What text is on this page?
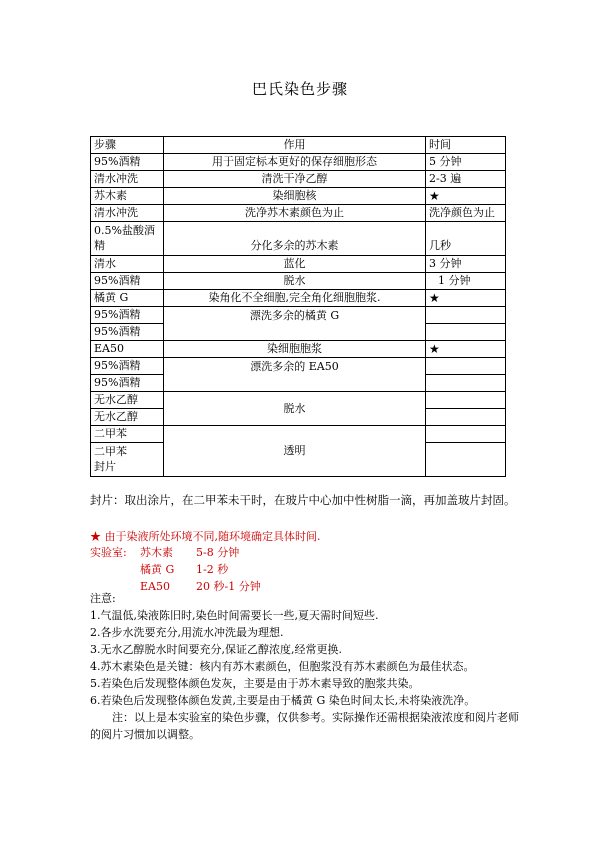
巴氏染色步骤
步骤	作用	时间
95%酒精	用于固定标本更好的保存细胞形态	5 分钟
清水冲洗	清洗干净乙醇	2-3 遍
苏木素	染细胞核	★
清水冲洗	洗净苏木素颜色为止	洗净颜色为止

0.5%盐酸酒
精	分化多余的苏木素	几秒
清水	蓝化	3 分钟
95%酒精	脱水	1 分钟
橘黄 G	染角化不全细胞,完全角化细胞胞浆.	★
95%酒精	漂洗多余的橘黄 G	
95%酒精		
EA50	染细胞胞浆	★
95%酒精	漂洗多余的 EA50	
95%酒精		
无水乙醇	脱水	
无水乙醇		
二甲苯	透明	

二甲苯
封片		

封片：取出涂片，在二甲苯未干时，在玻片中心加中性树脂一滴，再加盖玻片封固。
★ 由于染液所处环境不同,随环境确定具体时间.
实验室: 苏木素 5-8 分钟
橘黄 G 1-2 秒
EA50 20 秒-1 分钟
注意:
1.气温低,染液陈旧时,染色时间需要长一些,夏天需时间短些.
2.各步水洗要充分,用流水冲洗最为理想.
3.无水乙醇脱水时间要充分,保证乙醇浓度,经常更换.
4.苏木素染色是关键：核内有苏木素颜色，但胞浆没有苏木素颜色为最佳状态。
5.若染色后发现整体颜色发灰，主要是由于苏木素导致的胞浆共染。
6.若染色后发现整体颜色发黄,主要是由于橘黄 G 染色时间太长,未将染液洗净。
注：以上是本实验室的染色步骤，仅供参考。实际操作还需根据染液浓度和阅片老师的阅片习惯加以调整。
